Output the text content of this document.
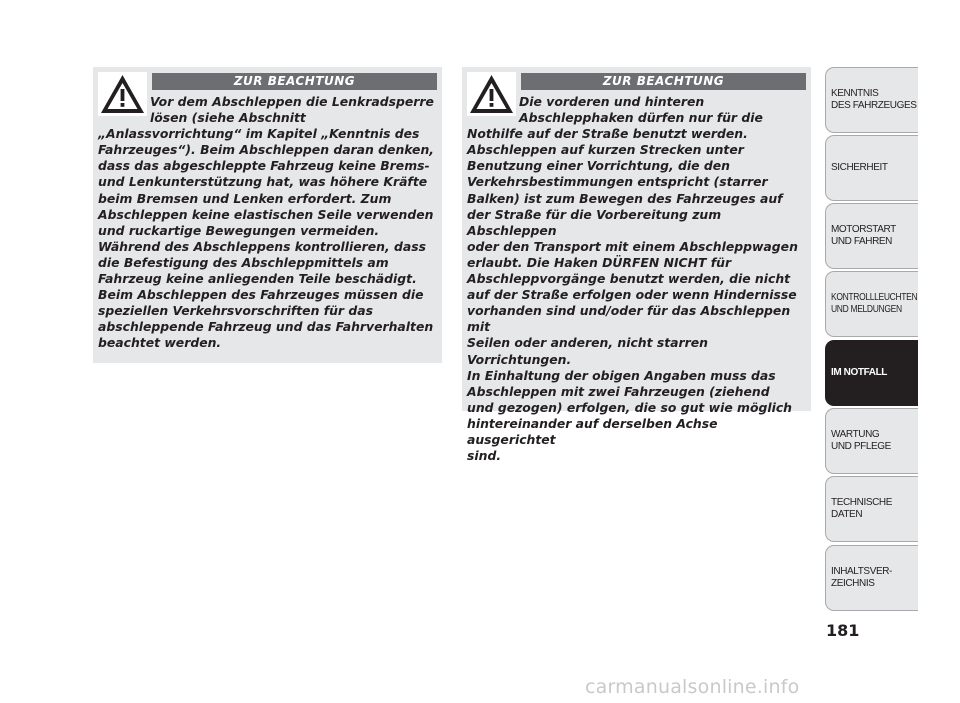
ZUR BEACHTUNG

Vor dem Abschleppen die Lenkradsperre
lösen (siehe Abschnitt
„Anlassvorrichtung“ im Kapitel „Kenntnis des
Fahrzeuges“). Beim Abschleppen daran denken,
dass das abgeschleppte Fahrzeug keine Brems-
und Lenkunterstützung hat, was höhere Kräfte
beim Bremsen und Lenken erfordert. Zum
Abschleppen keine elastischen Seile verwenden
und ruckartige Bewegungen vermeiden.
Während des Abschleppens kontrollieren, dass
die Befestigung des Abschleppmittels am
Fahrzeug keine anliegenden Teile beschädigt.
Beim Abschleppen des Fahrzeuges müssen die
speziellen Verkehrsvorschriften für das
abschleppende Fahrzeug und das Fahrverhalten
beachtet werden.

ZUR BEACHTUNG

Die vorderen und hinteren
Abschlepphaken dürfen nur für die
Nothilfe auf der Straße benutzt werden.
Abschleppen auf kurzen Strecken unter
Benutzung einer Vorrichtung, die den
Verkehrsbestimmungen entspricht (starrer
Balken) ist zum Bewegen des Fahrzeuges auf
der Straße für die Vorbereitung zum Abschleppen
oder den Transport mit einem Abschleppwagen
erlaubt. Die Haken DÜRFEN NICHT für
Abschleppvorgänge benutzt werden, die nicht
auf der Straße erfolgen oder wenn Hindernisse
vorhanden sind und/oder für das Abschleppen mit
Seilen oder anderen, nicht starren Vorrichtungen.
In Einhaltung der obigen Angaben muss das
Abschleppen mit zwei Fahrzeugen (ziehend
und gezogen) erfolgen, die so gut wie möglich
hintereinander auf derselben Achse ausgerichtet
sind.

KENNTNIS
DES FAHRZEUGES
SICHERHEIT
MOTORSTART
UND FAHREN
KONTROLLLEUCHTEN
UND MELDUNGEN
IM NOTFALL
WARTUNG
UND PFLEGE
TECHNISCHE
DATEN
INHALTSVER-
ZEICHNIS
181
carmanualsonline.info
